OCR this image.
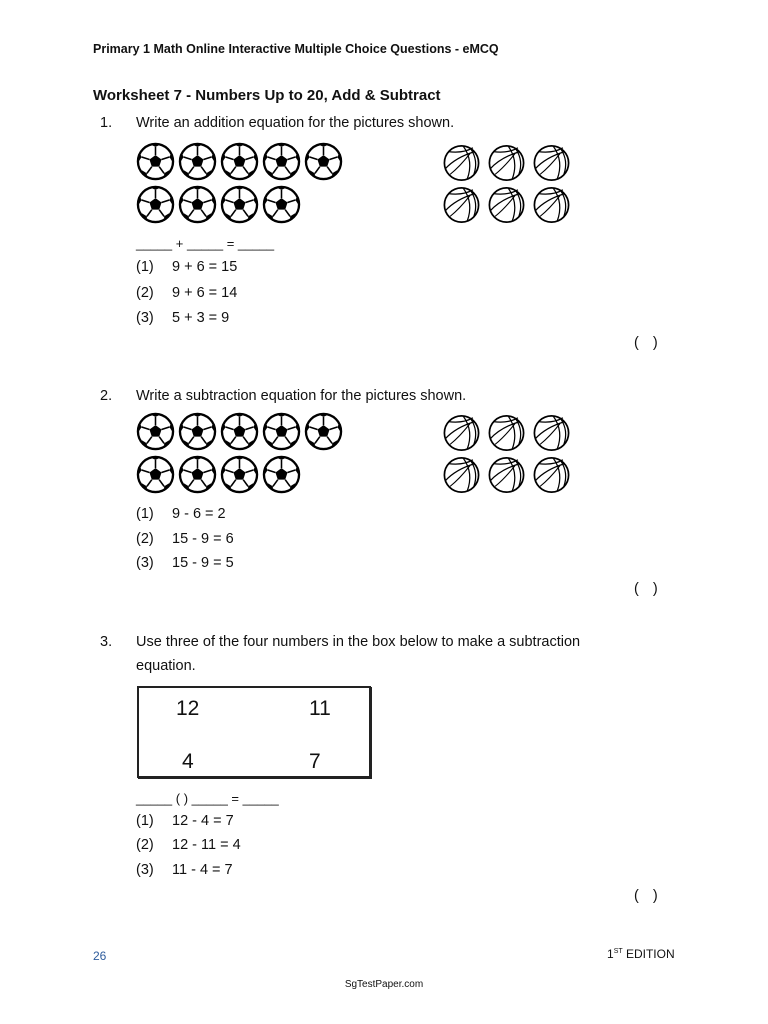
Primary 1 Math Online Interactive Multiple Choice Questions - eMCQ
Worksheet 7 - Numbers Up to 20, Add & Subtract
1. Write an addition equation for the pictures shown.
_____ + _____ = _____
(1)	9 + 6 = 15
(2)	9 + 6 = 14
(3)	5 + 3 = 9
( )
2. Write a subtraction equation for the pictures shown.
(1)	9 - 6 = 2
(2)	15 - 9 = 6
(3)	15 - 9 = 5
( )
3. Use three of the four numbers in the box below to make a subtraction
equation.
12	11
4	7
_____ ( ) _____ = _____
(1)	12 - 4 = 7
(2)	12 - 11 = 4
(3)	11 - 4 = 7
( )
26	1ST EDITION
SgTestPaper.com
